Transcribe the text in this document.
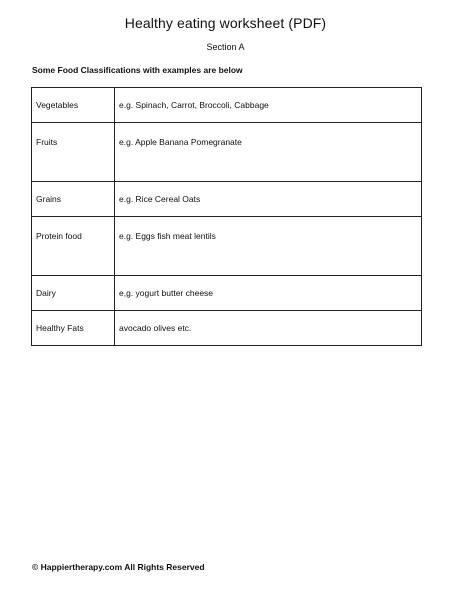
Healthy eating worksheet (PDF)
Section A
Some Food Classifications with examples are below
Vegetables	e.g. Spinach, Carrot, Broccoli, Cabbage
Fruits	e.g. Apple Banana Pomegranate
Grains	e.g. Rice Cereal Oats
Protein food	e.g. Eggs fish meat lentils
Dairy	e,g. yogurt butter cheese
Healthy Fats	avocado olives etc.
© Happiertherapy.com All Rights Reserved
